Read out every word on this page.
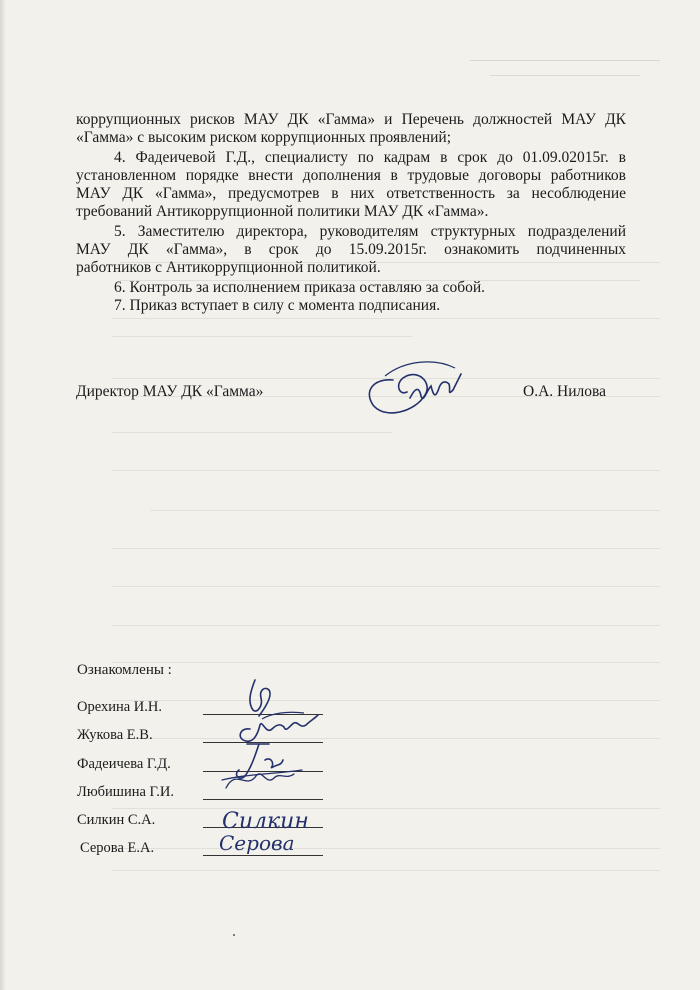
коррупционных рисков МАУ ДК «Гамма» и Перечень должностей МАУ ДК
«Гамма» с высоким риском коррупционных проявлений;
4. Фадеичевой Г.Д., специалисту по кадрам в срок до 01.09.02015г. в
установленном порядке внести дополнения в трудовые договоры работников
МАУ ДК «Гамма», предусмотрев в них ответственность за несоблюдение
требований Антикоррупционной политики МАУ ДК «Гамма».
5. Заместителю директора, руководителям структурных подразделений
МАУ ДК «Гамма», в срок до 15.09.2015г. ознакомить подчиненных
работников с Антикоррупционной политикой.
6. Контроль за исполнением приказа оставляю за собой.
7. Приказ вступает в силу с момента подписания.
Директор МАУ ДК «Гамма»	О.А. Нилова
Ознакомлены :
Орехина И.Н.
Жукова Е.В.
Фадеичева Г.Д.
Любишина Г.И.
Силкин С.А.
Серова Е.А.
Силкин
Серова
